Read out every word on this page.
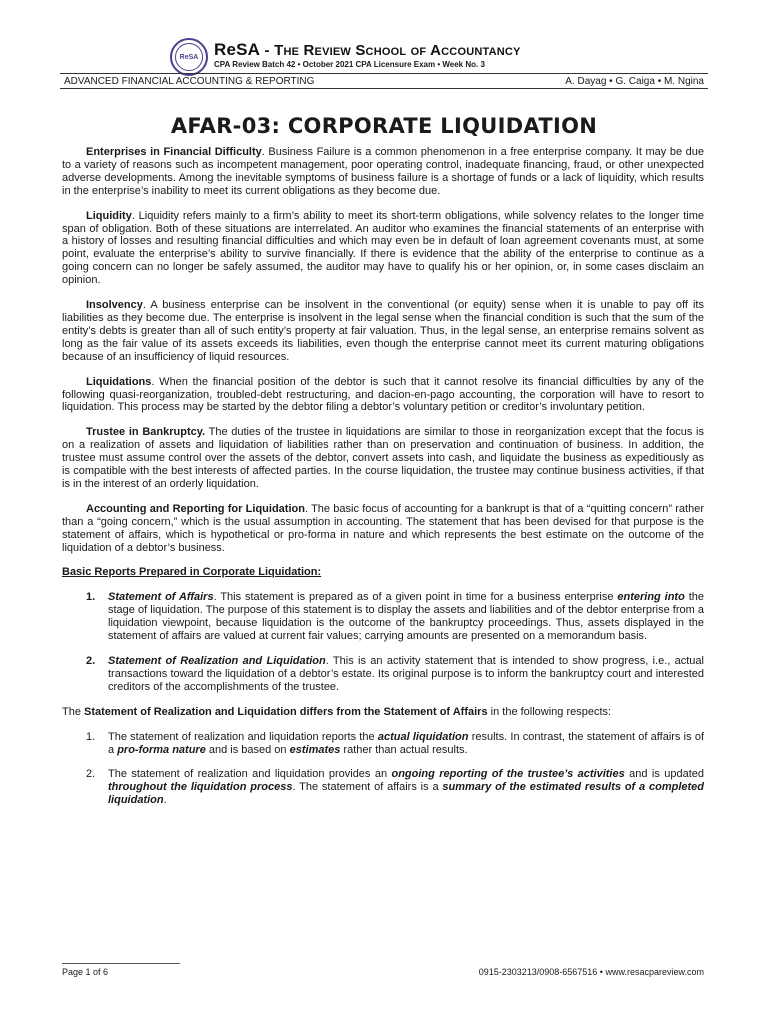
ReSA ReSA - The Review School of Accountancy
CPA Review Batch 42 • October 2021 CPA Licensure Exam • Week No. 3
ADVANCED FINANCIAL ACCOUNTING & REPORTING	A. Dayag • G. Caiga • M. Ngina
AFAR-03: CORPORATE LIQUIDATION

Enterprises in Financial Difficulty. Business Failure is a common phenomenon in a free enterprise company. It may be due to a variety of reasons such as incompetent management, poor operating control, inadequate financing, fraud, or other unexpected adverse developments. Among the inevitable symptoms of business failure is a shortage of funds or a lack of liquidity, which results in the enterprise’s inability to meet its current obligations as they become due.

Liquidity. Liquidity refers mainly to a firm’s ability to meet its short-term obligations, while solvency relates to the longer time span of obligation. Both of these situations are interrelated. An auditor who examines the financial statements of an enterprise with a history of losses and resulting financial difficulties and which may even be in default of loan agreement covenants must, at some point, evaluate the enterprise’s ability to survive financially. If there is evidence that the ability of the enterprise to continue as a going concern can no longer be safely assumed, the auditor may have to qualify his or her opinion, or, in some cases disclaim an opinion.

Insolvency. A business enterprise can be insolvent in the conventional (or equity) sense when it is unable to pay off its liabilities as they become due. The enterprise is insolvent in the legal sense when the financial condition is such that the sum of the entity’s debts is greater than all of such entity’s property at fair valuation. Thus, in the legal sense, an enterprise remains solvent as long as the fair value of its assets exceeds its liabilities, even though the enterprise cannot meet its current maturing obligations because of an insufficiency of liquid resources.

Liquidations. When the financial position of the debtor is such that it cannot resolve its financial difficulties by any of the following quasi-reorganization, troubled-debt restructuring, and dacion-en-pago accounting, the corporation will have to resort to liquidation. This process may be started by the debtor filing a debtor’s voluntary petition or creditor’s involuntary petition.

Trustee in Bankruptcy. The duties of the trustee in liquidations are similar to those in reorganization except that the focus is on a realization of assets and liquidation of liabilities rather than on preservation and continuation of business. In addition, the trustee must assume control over the assets of the debtor, convert assets into cash, and liquidate the business as expeditiously as is compatible with the best interests of affected parties. In the course liquidation, the trustee may continue business activities, if that is in the interest of an orderly liquidation.

Accounting and Reporting for Liquidation. The basic focus of accounting for a bankrupt is that of a “quitting concern” rather than a “going concern,” which is the usual assumption in accounting. The statement that has been devised for that purpose is the statement of affairs, which is hypothetical or pro-forma in nature and which represents the best estimate on the outcome of the liquidation of a debtor’s business.

Basic Reports Prepared in Corporate Liquidation:

1. Statement of Affairs. This statement is prepared as of a given point in time for a business enterprise entering into the stage of liquidation. The purpose of this statement is to display the assets and liabilities and of the debtor enterprise from a liquidation viewpoint, because liquidation is the outcome of the bankruptcy proceedings. Thus, assets displayed in the statement of affairs are valued at current fair values; carrying amounts are presented on a memorandum basis.
2. Statement of Realization and Liquidation. This is an activity statement that is intended to show progress, i.e., actual transactions toward the liquidation of a debtor’s estate. Its original purpose is to inform the bankruptcy court and interested creditors of the accomplishments of the trustee.

The Statement of Realization and Liquidation differs from the Statement of Affairs in the following respects:

1. The statement of realization and liquidation reports the actual liquidation results. In contrast, the statement of affairs is of a pro-forma nature and is based on estimates rather than actual results.
2. The statement of realization and liquidation provides an ongoing reporting of the trustee’s activities and is updated throughout the liquidation process. The statement of affairs is a summary of the estimated results of a completed liquidation.
Page 1 of 6	0915-2303213/0908-6567516 • www.resacpareview.com
